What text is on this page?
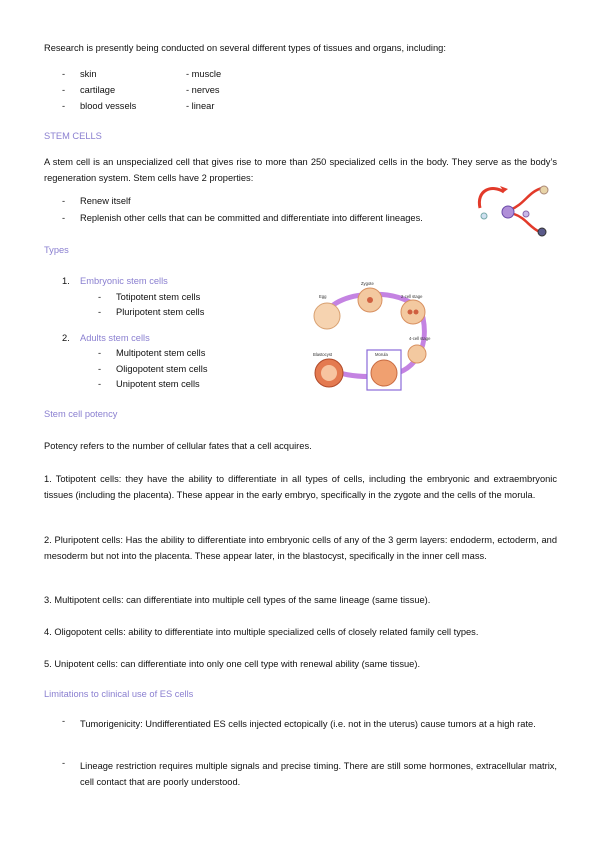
Research is presently being conducted on several different types of tissues and organs, including:
- skin	- muscle
- cartilage	- nerves
- blood vessels	- linear
STEM CELLS
A stem cell is an unspecialized cell that gives rise to more than 250 specialized cells in the body. They serve as the body’s regeneration system. Stem cells have 2 properties:
- Renew itself
- Replenish other cells that can be committed and differentiate into different lineages.
Types
1. Embryonic stem cells
- Totipotent stem cells
- Pluripotent stem cells
2. Adults stem cells
- Multipotent stem cells
- Oligopotent stem cells
- Unipotent stem cells
Egg
Zygote
2-cell stage
4-cell stage
Morula
Blastocyst
Stem cell potency
Potency refers to the number of cellular fates that a cell acquires.
1. Totipotent cells: they have the ability to differentiate in all types of cells, including the embryonic and extraembryonic tissues (including the placenta). These appear in the early embryo, specifically in the zygote and the cells of the morula.
2. Pluripotent cells: Has the ability to differentiate into embryonic cells of any of the 3 germ layers: endoderm, ectoderm, and mesoderm but not into the placenta. These appear later, in the blastocyst, specifically in the inner cell mass.
3. Multipotent cells: can differentiate into multiple cell types of the same lineage (same tissue).
4. Oligopotent cells: ability to differentiate into multiple specialized cells of closely related family cell types.
5. Unipotent cells: can differentiate into only one cell type with renewal ability (same tissue).
Limitations to clinical use of ES cells
- Tumorigenicity: Undifferentiated ES cells injected ectopically (i.e. not in the uterus) cause tumors at a high rate.
- Lineage restriction requires multiple signals and precise timing. There are still some hormones, extracellular matrix, cell contact that are poorly understood.
